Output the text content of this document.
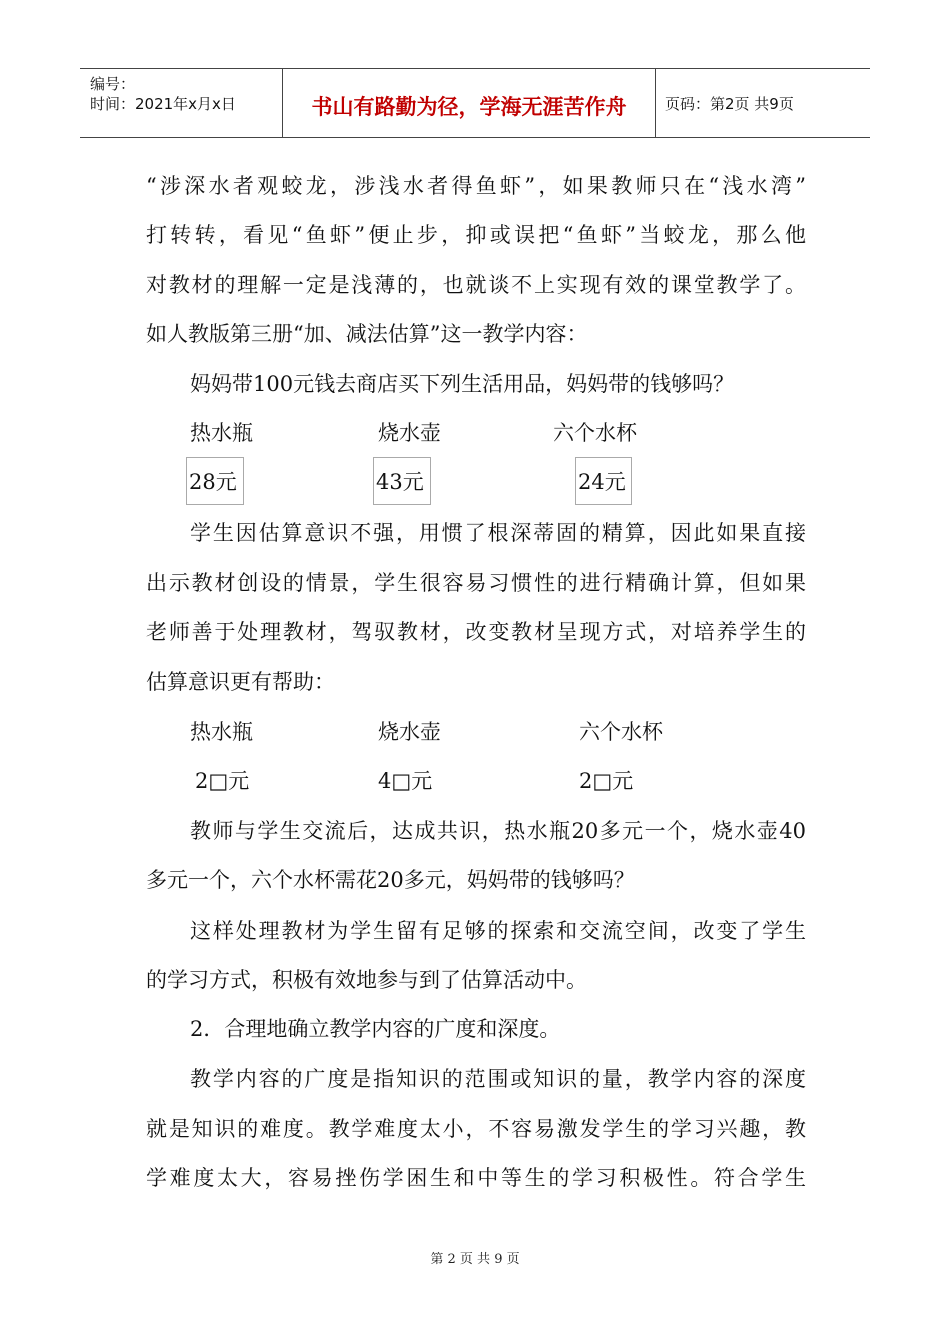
编号：
时间：2021年x月x日	书山有路勤为径，学海无涯苦作舟	页码：第2页 共9页
“涉深水者观蛟龙，涉浅水者得鱼虾”，如果教师只在“浅水湾”
打转转，看见“鱼虾”便止步，抑或误把“鱼虾”当蛟龙，那么他
对教材的理解一定是浅薄的，也就谈不上实现有效的课堂教学了。
如人教版第三册“加、减法估算”这一教学内容：
妈妈带100元钱去商店买下列生活用品，妈妈带的钱够吗？
热水瓶	烧水壶	六个水杯
28元	43元	24元
学生因估算意识不强，用惯了根深蒂固的精算，因此如果直接
出示教材创设的情景，学生很容易习惯性的进行精确计算，但如果
老师善于处理教材，驾驭教材，改变教材呈现方式，对培养学生的
估算意识更有帮助：
热水瓶	烧水壶	六个水杯
2□元	4□元	2□元
教师与学生交流后，达成共识，热水瓶20多元一个，烧水壶40
多元一个，六个水杯需花20多元，妈妈带的钱够吗？
这样处理教材为学生留有足够的探索和交流空间，改变了学生
的学习方式，积极有效地参与到了估算活动中。
2．合理地确立教学内容的广度和深度。
教学内容的广度是指知识的范围或知识的量，教学内容的深度
就是知识的难度。教学难度太小，不容易激发学生的学习兴趣，教
学难度太大，容易挫伤学困生和中等生的学习积极性。符合学生
第 2 页 共 9 页
